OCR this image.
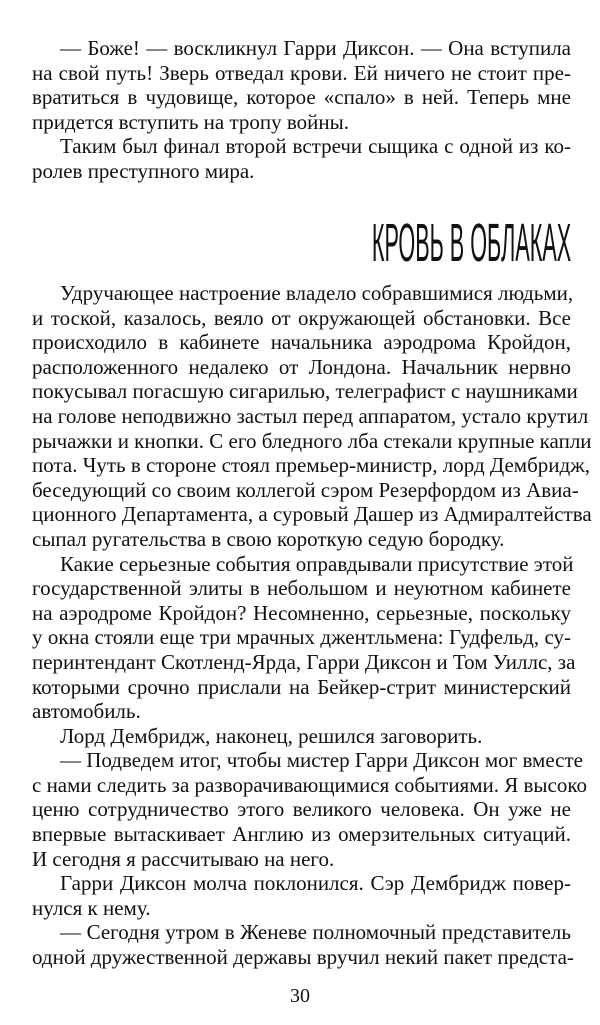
— Боже! — воскликнул Гарри Диксон. — Она вступила
на свой путь! Зверь отведал крови. Ей ничего не стоит пре-
вратиться в чудовище, которое «спало» в ней. Теперь мне
придется вступить на тропу войны.
Таким был финал второй встречи сыщика с одной из ко-
ролев преступного мира.
КРОВЬ В ОБЛАКАХ
Удручающее настроение владело собравшимися людьми,
и тоской, казалось, веяло от окружающей обстановки. Все
происходило в кабинете начальника аэродрома Кройдон,
расположенного недалеко от Лондона. Начальник нервно
покусывал погасшую сигарилью, телеграфист с наушниками
на голове неподвижно застыл перед аппаратом, устало крутил
рычажки и кнопки. С его бледного лба стекали крупные капли
пота. Чуть в стороне стоял премьер-министр, лорд Дембридж,
беседующий со своим коллегой сэром Резерфордом из Авиа-
ционного Департамента, а суровый Дашер из Адмиралтейства
сыпал ругательства в свою короткую седую бородку.
Какие серьезные события оправдывали присутствие этой
государственной элиты в небольшом и неуютном кабинете
на аэродроме Кройдон? Несомненно, серьезные, поскольку
у окна стояли еще три мрачных джентльмена: Гудфельд, су-
перинтендант Скотленд-Ярда, Гарри Диксон и Том Уиллс, за
которыми срочно прислали на Бейкер-стрит министерский
автомобиль.
Лорд Дембридж, наконец, решился заговорить.
— Подведем итог, чтобы мистер Гарри Диксон мог вместе
с нами следить за разворачивающимися событиями. Я высоко
ценю сотрудничество этого великого человека. Он уже не
впервые вытаскивает Англию из омерзительных ситуаций.
И сегодня я рассчитываю на него.
Гарри Диксон молча поклонился. Сэр Дембридж повер-
нулся к нему.
— Сегодня утром в Женеве полномочный представитель
одной дружественной державы вручил некий пакет предста-
30
